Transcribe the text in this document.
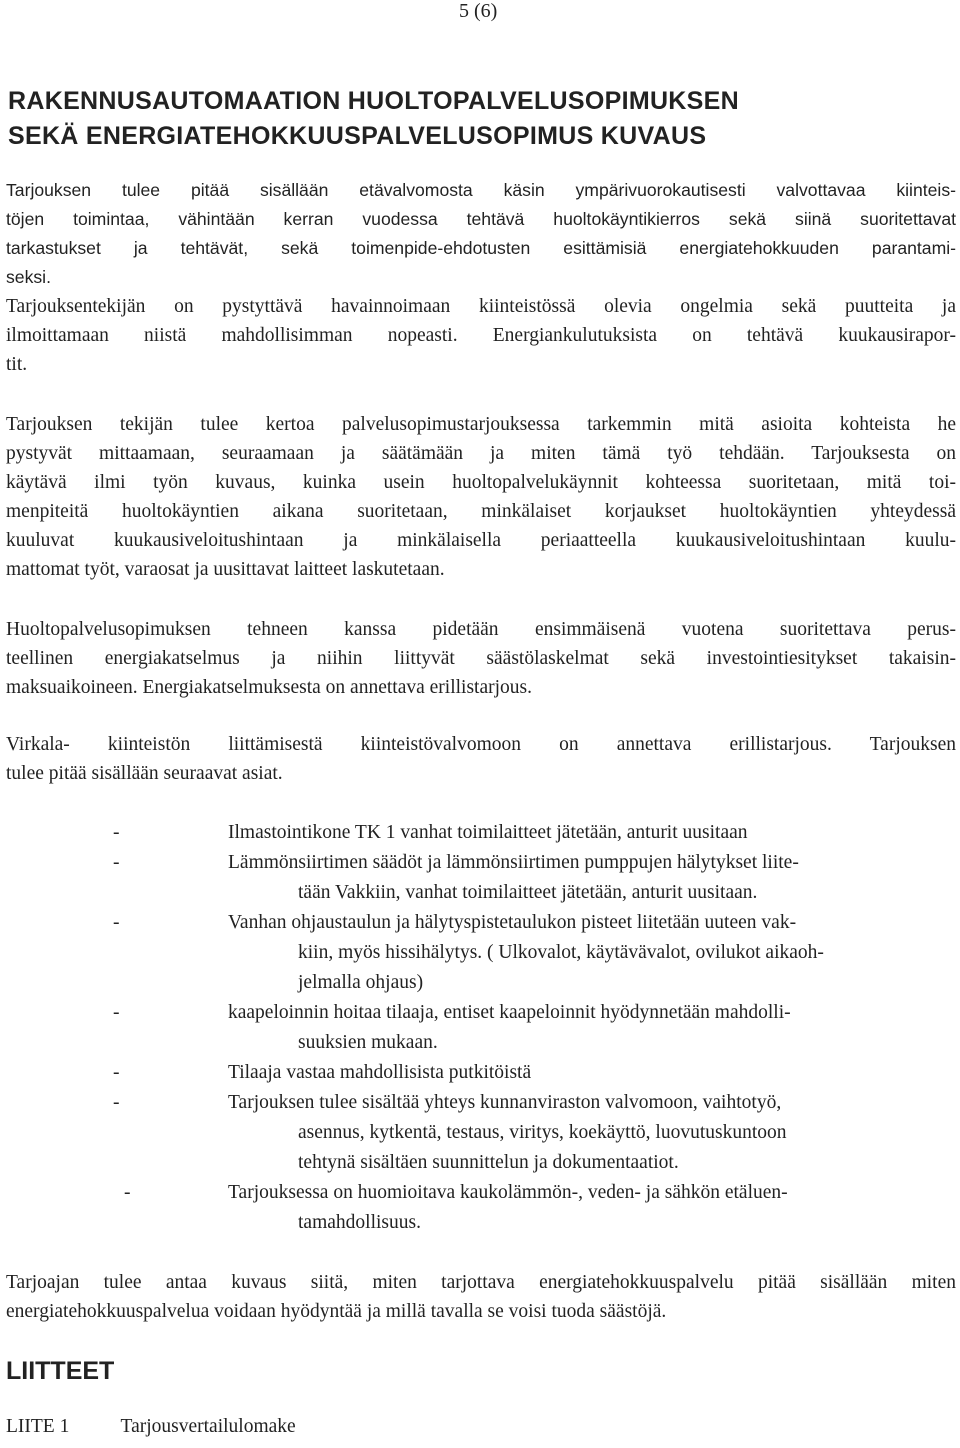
5 (6)
RAKENNUSAUTOMAATION HUOLTOPALVELUSOPIMUKSEN
SEKÄ ENERGIATEHOKKUUSPALVELUSOPIMUS KUVAUS

Tarjouksen tulee pitää sisällään etävalvomosta käsin ympärivuorokautisesti valvottavaa kiinteis-
töjen toimintaa, vähintään kerran vuodessa tehtävä huoltokäyntikierros sekä siinä suoritettavat
tarkastukset ja tehtävät, sekä toimenpide-ehdotusten esittämisiä energiatehokkuuden parantami-
seksi.

Tarjouksentekijän on pystyttävä havainnoimaan kiinteistössä olevia ongelmia sekä puutteita ja
ilmoittamaan niistä mahdollisimman nopeasti. Energiankulutuksista on tehtävä kuukausirapor-
tit.

Tarjouksen tekijän tulee kertoa palvelusopimustarjouksessa tarkemmin mitä asioita kohteista he
pystyvät mittaamaan, seuraamaan ja säätämään ja miten tämä työ tehdään. Tarjouksesta on
käytävä ilmi työn kuvaus, kuinka usein huoltopalvelukäynnit kohteessa suoritetaan, mitä toi-
menpiteitä huoltokäyntien aikana suoritetaan, minkälaiset korjaukset huoltokäyntien yhteydessä
kuuluvat kuukausiveloitushintaan ja minkälaisella periaatteella kuukausiveloitushintaan kuulu-
mattomat työt, varaosat ja uusittavat laitteet laskutetaan.

Huoltopalvelusopimuksen tehneen kanssa pidetään ensimmäisenä vuotena suoritettava perus-
teellinen energiakatselmus ja niihin liittyvät säästölaskelmat sekä investointiesitykset takaisin-
maksuaikoineen. Energiakatselmuksesta on annettava erillistarjous.

Virkala- kiinteistön liittämisestä kiinteistövalvomoon on annettava erillistarjous. Tarjouksen
tulee pitää sisällään seuraavat asiat.

-	Ilmastointikone TK 1 vanhat toimilaitteet jätetään, anturit uusitaan
-	Lämmönsiirtimen säädöt ja lämmönsiirtimen pumppujen hälytykset liite-
tään Vakkiin, vanhat toimilaitteet jätetään, anturit uusitaan.
-	Vanhan ohjaustaulun ja hälytyspistetaulukon pisteet liitetään uuteen vak-
kiin, myös hissihälytys. ( Ulkovalot, käytävävalot, ovilukot aikaoh-
jelmalla ohjaus)
-	kaapeloinnin hoitaa tilaaja, entiset kaapeloinnit hyödynnetään mahdolli-
suuksien mukaan.
-	Tilaaja vastaa mahdollisista putkitöistä
-	Tarjouksen tulee sisältää yhteys kunnanviraston valvomoon, vaihtotyö,
asennus, kytkentä, testaus, viritys, koekäyttö, luovutuskuntoon
tehtynä sisältäen suunnittelun ja dokumentaatiot.
-	Tarjouksessa on huomioitava kaukolämmön-, veden- ja sähkön etäluen-
tamahdollisuus.

Tarjoajan tulee antaa kuvaus siitä, miten tarjottava energiatehokkuuspalvelu pitää sisällään miten
energiatehokkuuspalvelua voidaan hyödyntää ja millä tavalla se voisi tuoda säästöjä.

LIITTEET
LIITE 1	Tarjousvertailulomake
